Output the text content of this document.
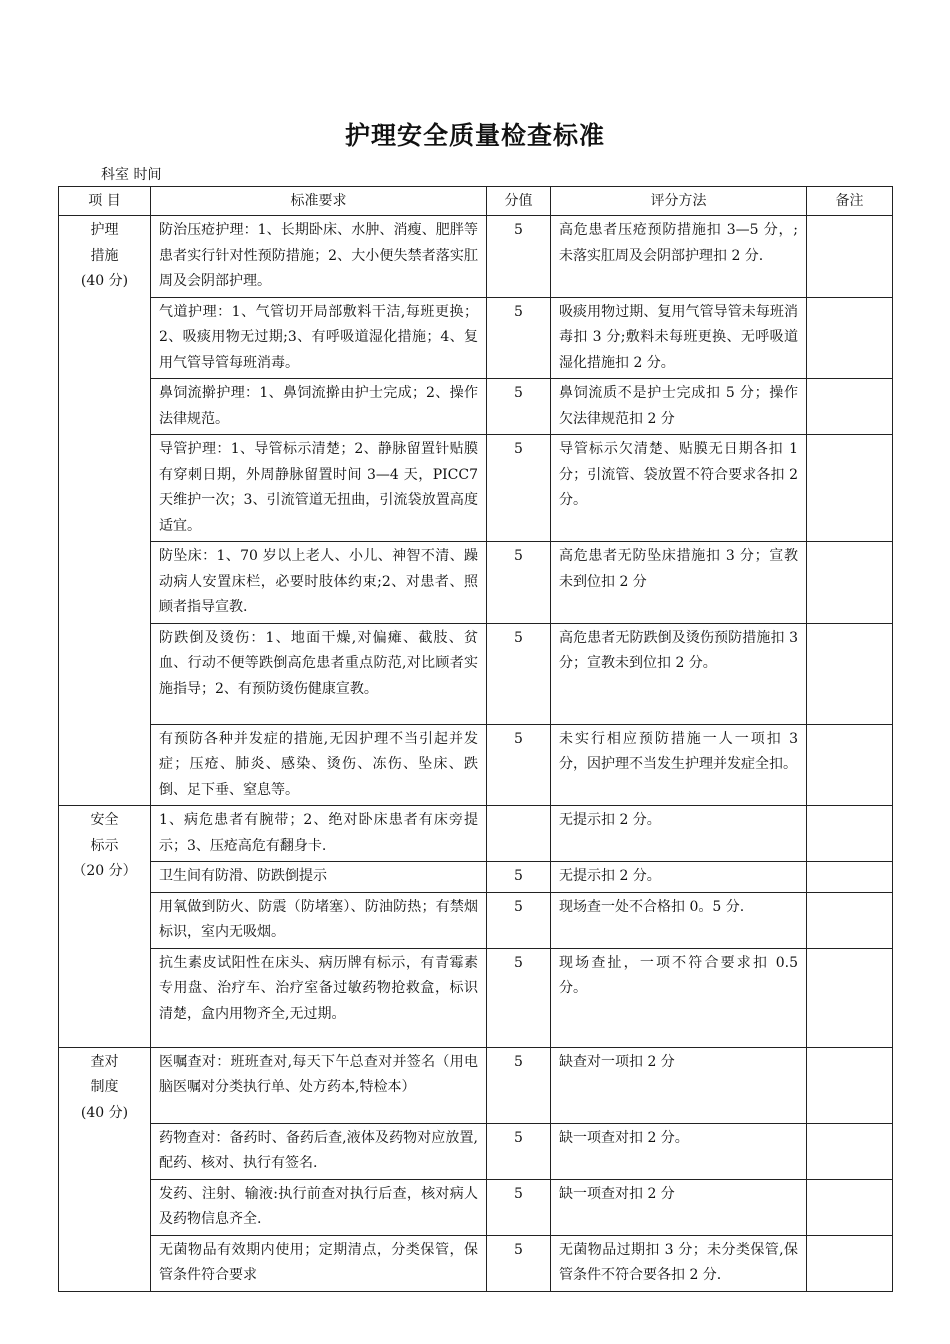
护理安全质量检查标准
科室 时间
项 目	标准要求	分值	评分方法	备注

护理
措施
(40 分)	防治压疮护理：1、长期卧床、水肿、消瘦、肥胖等患者实行针对性预防措施；2、大小便失禁者落实肛周及会阴部护理。	5	高危患者压疮预防措施扣 3—5 分，;未落实肛周及会阴部护理扣 2 分.	
	气道护理：1、气管切开局部敷料干洁,每班更换；2、吸痰用物无过期;3、有呼吸道湿化措施；4、复用气管导管每班消毒。	5	吸痰用物过期、复用气管导管未每班消毒扣 3 分;敷料未每班更换、无呼吸道湿化措施扣 2 分。	
	鼻饲流擀护理：1、鼻饲流擀由护士完成；2、操作法律规范。	5	鼻饲流质不是护士完成扣 5 分；操作欠法律规范扣 2 分	
	导管护理：1、导管标示清楚；2、静脉留置针贴膜有穿刺日期，外周静脉留置时间 3—4 天，PICC7 天维护一次；3、引流管道无扭曲，引流袋放置高度适宜。	5	导管标示欠清楚、贴膜无日期各扣 1 分；引流管、袋放置不符合要求各扣 2 分。	
	防坠床：1、70 岁以上老人、小儿、神智不清、躁动病人安置床栏，必要时肢体约束;2、对患者、照顾者指导宣教.	5	高危患者无防坠床措施扣 3 分；宣教未到位扣 2 分	
	防跌倒及烫伤：1、地面干燥,对偏瘫、截肢、贫血、行动不便等跌倒高危患者重点防范,对比顾者实施指导；2、有预防烫伤健康宣教。	5	高危患者无防跌倒及烫伤预防措施扣 3 分；宣教未到位扣 2 分。	
	有预防各种并发症的措施,无因护理不当引起并发症；压疮、肺炎、感染、烫伤、冻伤、坠床、跌倒、足下垂、窒息等。	5	未实行相应预防措施一人一项扣 3 分，因护理不当发生护理并发症全扣。	

安全
标示
（20 分）	1、病危患者有腕带；2、绝对卧床患者有床旁提示；3、压疮高危有翻身卡.		无提示扣 2 分。	
	卫生间有防滑、防跌倒提示	5	无提示扣 2 分。	
	用氧做到防火、防震（防堵塞）、防油防热；有禁烟标识，室内无吸烟。	5	现场查一处不合格扣 0。5 分.	
	抗生素皮试阳性在床头、病历牌有标示，有青霉素专用盘、治疗车、治疗室备过敏药物抢救盒，标识清楚，盒内用物齐全,无过期。	5	现场查扯，一项不符合要求扣 0.5 分。	

查对
制度
(40 分)	医嘱查对：班班查对,每天下午总查对并签名（用电脑医嘱对分类执行单、处方药本,特检本）	5	缺查对一项扣 2 分	
	药物查对：备药时、备药后查,液体及药物对应放置,配药、核对、执行有签名.	5	缺一项查对扣 2 分。	
	发药、注射、输液:执行前查对执行后查，核对病人及药物信息齐全.	5	缺一项查对扣 2 分	
	无菌物品有效期内使用；定期清点，分类保管，保管条件符合要求	5	无菌物品过期扣 3 分；未分类保管,保管条件不符合要各扣 2 分.	
